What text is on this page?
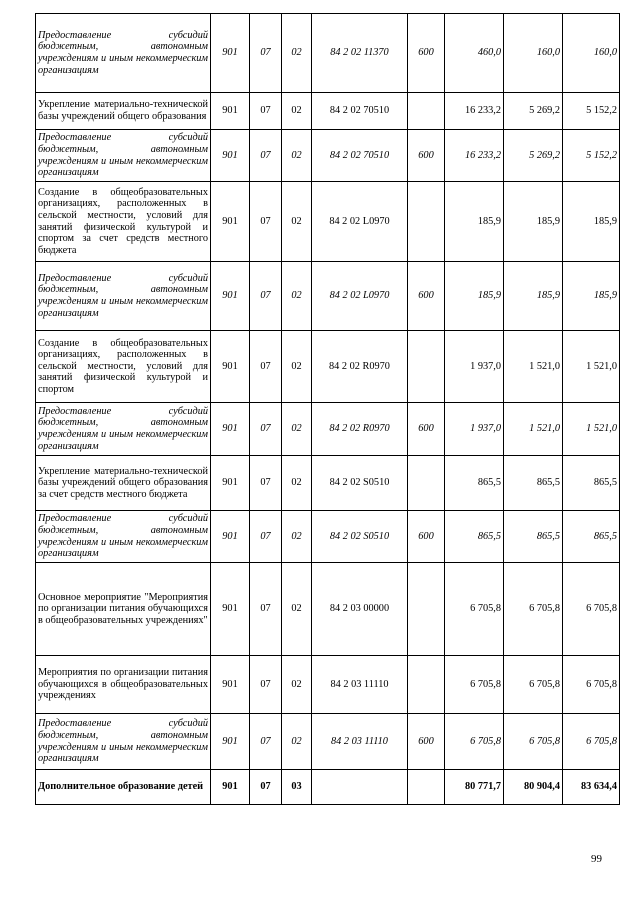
Предоставление субсидий бюджетным, автономным учреждениям и иным некоммерческим организациям	901	07	02	84 2 02 11370	600	460,0	160,0	160,0
Укрепление материально-технической базы учреждений общего образования	901	07	02	84 2 02 70510		16 233,2	5 269,2	5 152,2
Предоставление субсидий бюджетным, автономным учреждениям и иным некоммерческим организациям	901	07	02	84 2 02 70510	600	16 233,2	5 269,2	5 152,2
Создание в общеобразовательных организациях, расположенных в сельской местности, условий для занятий физической культурой и спортом за счет средств местного бюджета	901	07	02	84 2 02 L0970		185,9	185,9	185,9
Предоставление субсидий бюджетным, автономным учреждениям и иным некоммерческим организациям	901	07	02	84 2 02 L0970	600	185,9	185,9	185,9
Создание в общеобразовательных организациях, расположенных в сельской местности, условий для занятий физической культурой и спортом	901	07	02	84 2 02 R0970		1 937,0	1 521,0	1 521,0
Предоставление субсидий бюджетным, автономным учреждениям и иным некоммерческим организациям	901	07	02	84 2 02 R0970	600	1 937,0	1 521,0	1 521,0
Укрепление материально-технической базы учреждений общего образования за счет средств местного бюджета	901	07	02	84 2 02 S0510		865,5	865,5	865,5
Предоставление субсидий бюджетным, автономным учреждениям и иным некоммерческим организациям	901	07	02	84 2 02 S0510	600	865,5	865,5	865,5
Основное мероприятие "Мероприятия по организации питания обучающихся в общеобразовательных учреждениях"	901	07	02	84 2 03 00000		6 705,8	6 705,8	6 705,8
Мероприятия по организации питания обучающихся в общеобразовательных учреждениях	901	07	02	84 2 03 11110		6 705,8	6 705,8	6 705,8
Предоставление субсидий бюджетным, автономным учреждениям и иным некоммерческим организациям	901	07	02	84 2 03 11110	600	6 705,8	6 705,8	6 705,8
Дополнительное образование детей	901	07	03			80 771,7	80 904,4	83 634,4
99
